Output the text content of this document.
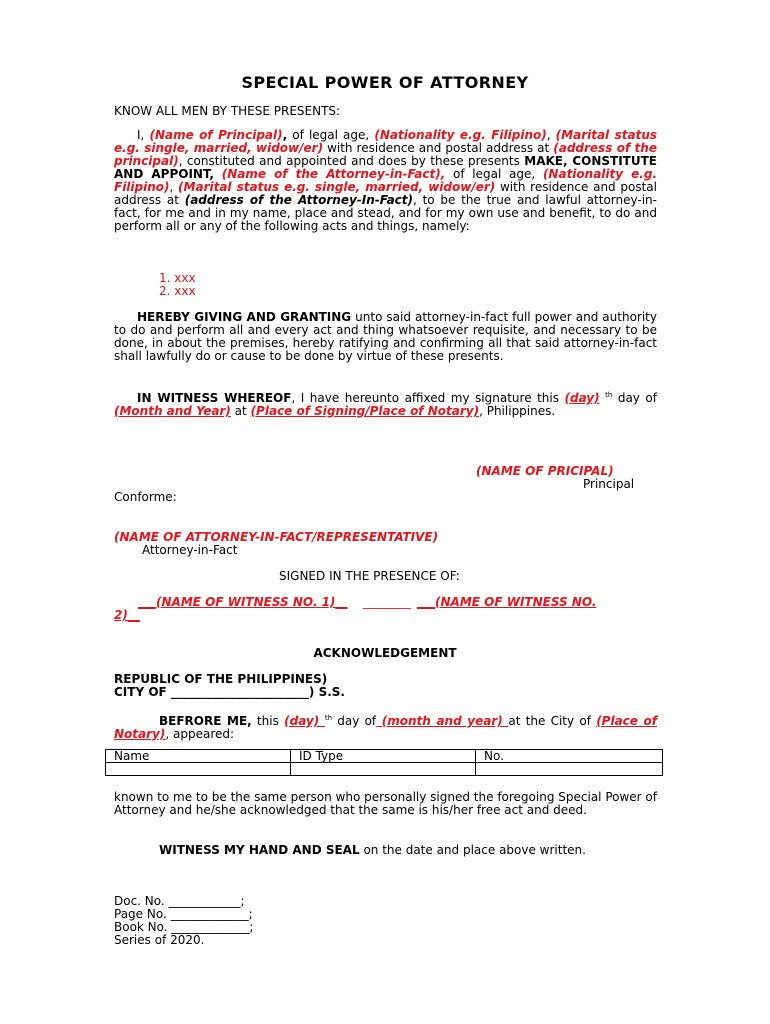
SPECIAL POWER OF ATTORNEY
KNOW ALL MEN BY THESE PRESENTS:

I, (Name of Principal), of legal age, (Nationality e.g. Filipino), (Marital status e.g. single, married, widow/er) with residence and postal address at (address of the principal), constituted and appointed and does by these presents MAKE, CONSTITUTE AND APPOINT, (Name of the Attorney-in-Fact), of legal age, (Nationality e.g. Filipino), (Marital status e.g. single, married, widow/er) with residence and postal address at (address of the Attorney-In-Fact), to be the true and lawful attorney-in-fact, for me and in my name, place and stead, and for my own use and benefit, to do and perform all or any of the following acts and things, namely:

1. xxx
2. xxx

HEREBY GIVING AND GRANTING unto said attorney-in-fact full power and authority to do and perform all and every act and thing whatsoever requisite, and necessary to be done, in about the premises, hereby ratifying and confirming all that said attorney-in-fact shall lawfully do or cause to be done by virtue of these presents.

IN WITNESS WHEREOF, I have hereunto affixed my signature this (day) $^{th}$ day of (Month and Year) at (Place of Signing/Place of Notary), Philippines.

(NAME OF PRICIPAL)
Principal
Conforme:
(NAME OF ATTORNEY-IN-FACT/REPRESENTATIVE)
Attorney-in-Fact
SIGNED IN THE PRESENCE OF:
___(NAME OF WITNESS NO. 1)__ ________ ___(NAME OF WITNESS NO.
2)__
ACKNOWLEDGEMENT
REPUBLIC OF THE PHILIPPINES)
CITY OF _______________________) S.S.

BEFRORE ME, this (day) $^{th}$ day of (month and year) at the City of (Place of Notary), appeared:

Name	ID Type	No.

known to me to be the same person who personally signed the foregoing Special Power of Attorney and he/she acknowledged that the same is his/her free act and deed.

WITNESS MY HAND AND SEAL on the date and place above written.

Doc. No. ____________;
Page No. _____________;
Book No. _____________;
Series of 2020.
